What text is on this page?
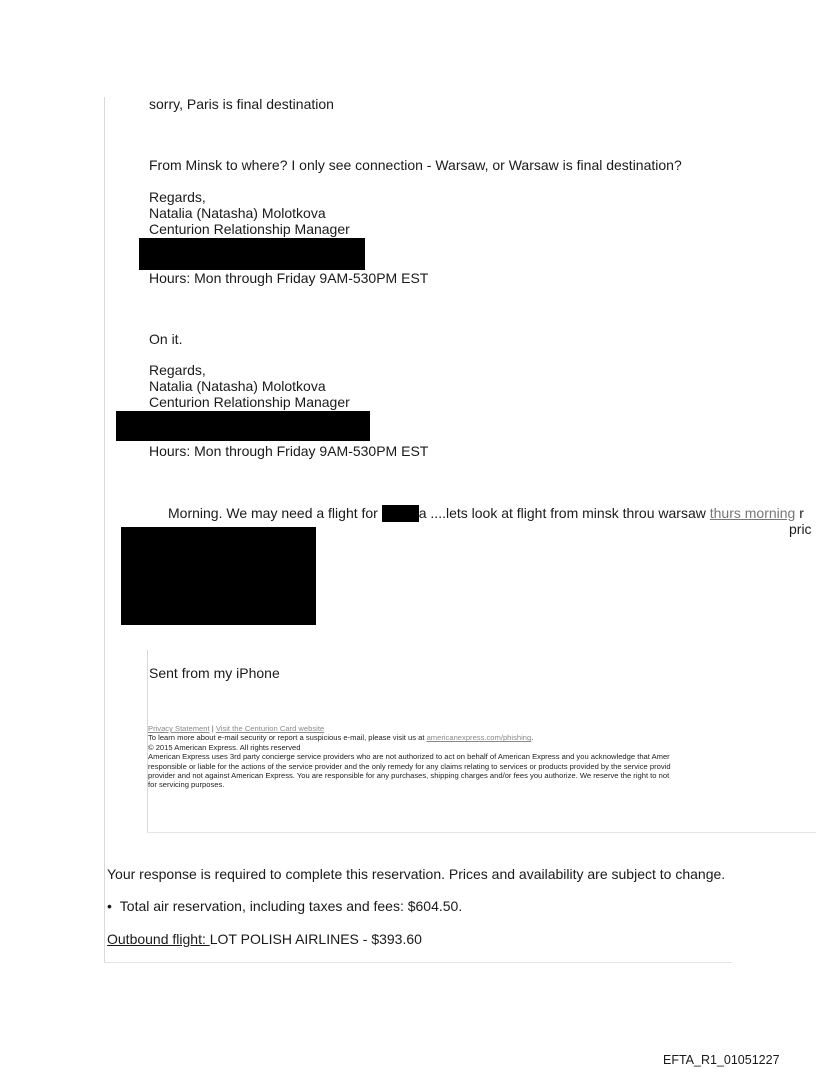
sorry, Paris is final destination
From Minsk to where? I only see connection - Warsaw, or Warsaw is final destination?
Regards,
Natalia (Natasha) Molotkova
Centurion Relationship Manager
Hours: Mon through Friday 9AM-530PM EST
On it.
Regards,
Natalia (Natasha) Molotkova
Centurion Relationship Manager
Hours: Mon through Friday 9AM-530PM EST
Morning. We may need a flight for	a ....lets look at flight from minsk throu warsaw thurs morning r
pric
Sent from my iPhone
Privacy Statement | Visit the Centurion Card website
To learn more about e-mail security or report a suspicious e-mail, please visit us at americanexpress.com/phishing.
© 2015 American Express. All rights reserved
American Express uses 3rd party concierge service providers who are not authorized to act on behalf of American Express and you acknowledge that Amer
responsible or liable for the actions of the service provider and the only remedy for any claims relating to services or products provided by the service provid
provider and not against American Express. You are responsible for any purchases, shipping charges and/or fees you authorize. We reserve the right to not
for servicing purposes.
Your response is required to complete this reservation. Prices and availability are subject to change.
• Total air reservation, including taxes and fees: $604.50.
Outbound flight: LOT POLISH AIRLINES - $393.60
EFTA_R1_01051227
